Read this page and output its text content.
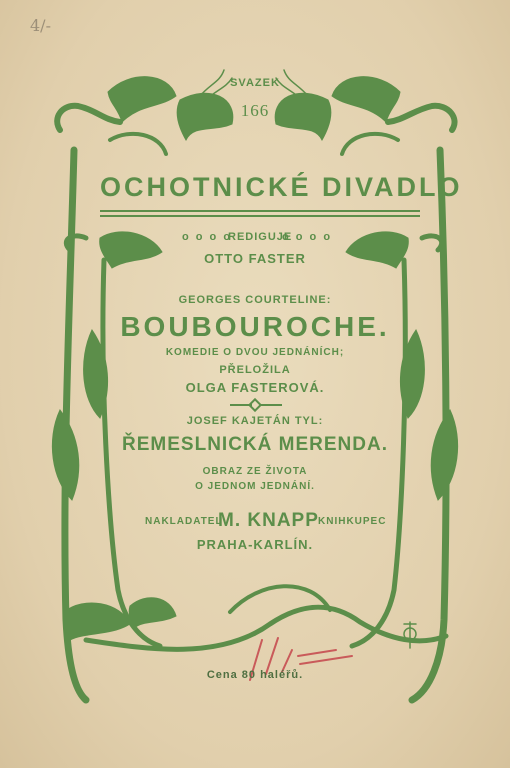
4/-
SVAZEK
166
OCHOTNICKÉ DIVADLO
o o o o
REDIGUJE
o o o o
OTTO FASTER
GEORGES COURTELINE:
BOUBOUROCHE.
KOMEDIE O DVOU JEDNÁNÍCH;
PŘELOŽILA
OLGA FASTEROVÁ.
JOSEF KAJETÁN TYL:
ŘEMESLNICKÁ MERENDA.
OBRAZ ZE ŽIVOTA
O JEDNOM JEDNÁNÍ.
NAKLADATEL
M. KNAPP KNIHKUPEC
PRAHA-KARLÍN.
Cena 80 haléřů.
